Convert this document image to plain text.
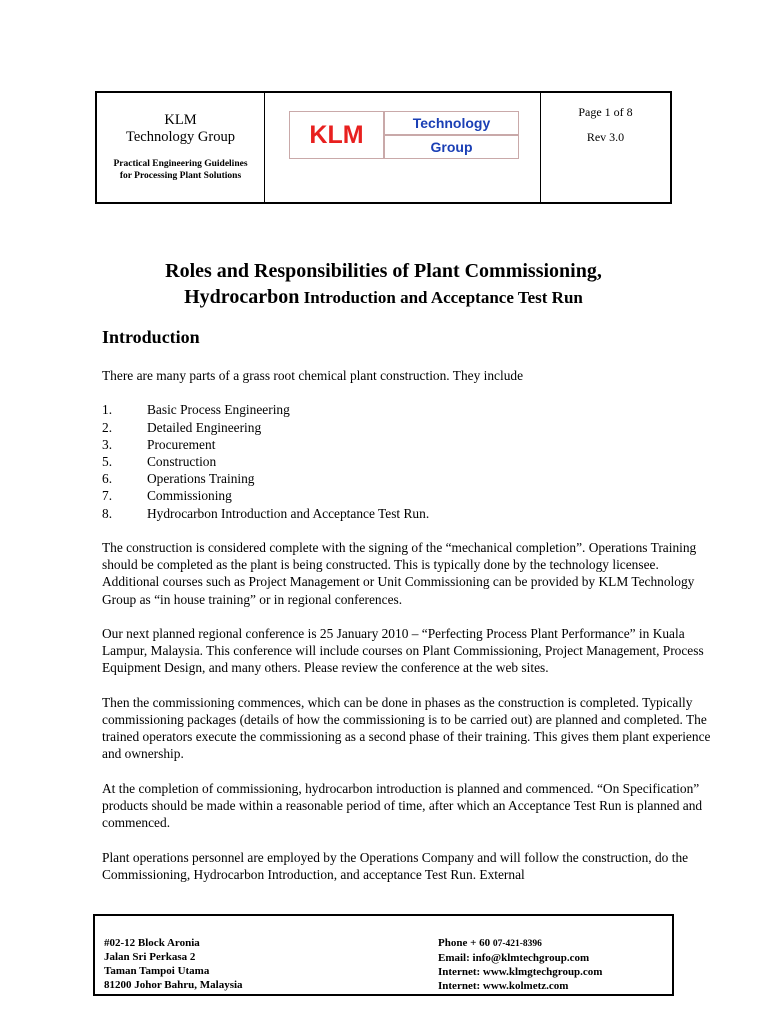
KLM
Technology Group
Practical Engineering Guidelines
for Processing Plant Solutions
KLM	Technology
Group
Page 1 of 8
Rev 3.0
Roles and Responsibilities of Plant Commissioning,
Hydrocarbon Introduction and Acceptance Test Run
Introduction

There are many parts of a grass root chemical plant construction. They include

1.	Basic Process Engineering
2.	Detailed Engineering
3.	Procurement
5.	Construction
6.	Operations Training
7.	Commissioning
8.	Hydrocarbon Introduction and Acceptance Test Run.

The construction is considered complete with the signing of the “mechanical completion”. Operations Training should be completed as the plant is being constructed. This is typically done by the technology licensee. Additional courses such as Project Management or Unit Commissioning can be provided by KLM Technology Group as “in house training” or in regional conferences.

Our next planned regional conference is 25 January 2010 – “Perfecting Process Plant Performance” in Kuala Lampur, Malaysia. This conference will include courses on Plant Commissioning, Project Management, Process Equipment Design, and many others. Please review the conference at the web sites.

Then the commissioning commences, which can be done in phases as the construction is completed. Typically commissioning packages (details of how the commissioning is to be carried out) are planned and completed. The trained operators execute the commissioning as a second phase of their training. This gives them plant experience and ownership.

At the completion of commissioning, hydrocarbon introduction is planned and commenced. “On Specification” products should be made within a reasonable period of time, after which an Acceptance Test Run is planned and commenced.

Plant operations personnel are employed by the Operations Company and will follow the construction, do the Commissioning, Hydrocarbon Introduction, and acceptance Test Run. External

#02-12 Block Aronia
Jalan Sri Perkasa 2
Taman Tampoi Utama
81200 Johor Bahru, Malaysia
Phone + 60 07-421-8396
Email: info@klmtechgroup.com
Internet: www.klmgtechgroup.com
Internet: www.kolmetz.com
